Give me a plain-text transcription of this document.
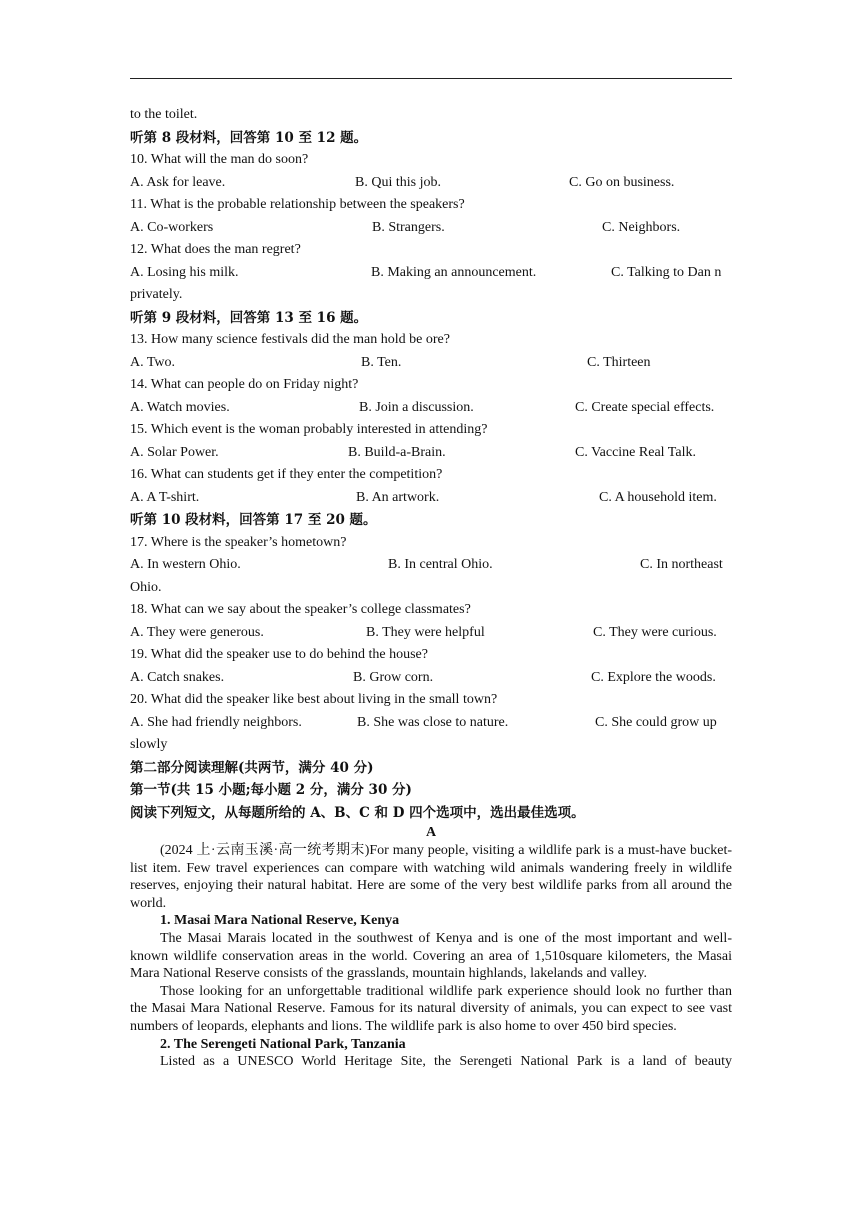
to the toilet.
听第 8 段材料，回答第 10 至 12 题。
10. What will the man do soon?
A. Ask for leave.	B. Qui this job.	C. Go on business.
11. What is the probable relationship between the speakers?
A. Co-workers	B. Strangers.	C. Neighbors.
12. What does the man regret?
A. Losing his milk.	B. Making an announcement.	C. Talking to Dan n
privately.
听第 9 段材料，回答第 13 至 16 题。
13. How many science festivals did the man hold be ore?
A. Two.	B. Ten.	C. Thirteen
14. What can people do on Friday night?
A. Watch movies.	B. Join a discussion.	C. Create special effects.
15. Which event is the woman probably interested in attending?
A. Solar Power.	B. Build-a-Brain.	C. Vaccine Real Talk.
16. What can students get if they enter the competition?
A. A T-shirt.	B. An artwork.	C. A household item.
听第 10 段材料，回答第 17 至 20 题。
17. Where is the speaker’s hometown?
A. In western Ohio.	B. In central Ohio.	C. In northeast
Ohio.
18. What can we say about the speaker’s college classmates?
A. They were generous.	B. They were helpful	C. They were curious.
19. What did the speaker use to do behind the house?
A. Catch snakes.	B. Grow corn.	C. Explore the woods.
20. What did the speaker like best about living in the small town?
A. She had friendly neighbors.	B. She was close to nature.	C. She could grow up
slowly
第二部分阅读理解(共两节，满分 40 分)
第一节(共 15 小题;每小题 2 分，满分 30 分)
阅读下列短文，从每题所给的 A、B、C 和 D 四个选项中，选出最佳选项。
A

(2024 上·云南玉溪·高一统考期末)For many people, visiting a wildlife park is a must-have bucket-list item. Few travel experiences can compare with watching wild animals wandering freely in wildlife reserves, enjoying their natural habitat. Here are some of the very best wildlife parks from all around the world.

1. Masai Mara National Reserve, Kenya

The Masai Marais located in the southwest of Kenya and is one of the most important and well-known wildlife conservation areas in the world. Covering an area of 1,510square kilometers, the Masai Mara National Reserve consists of the grasslands, mountain highlands, lakelands and valley.

Those looking for an unforgettable traditional wildlife park experience should look no further than the Masai Mara National Reserve. Famous for its natural diversity of animals, you can expect to see vast numbers of leopards, elephants and lions. The wildlife park is also home to over 450 bird species.

2. The Serengeti National Park, Tanzania

Listed as a UNESCO World Heritage Site, the Serengeti National Park is a land of beauty
